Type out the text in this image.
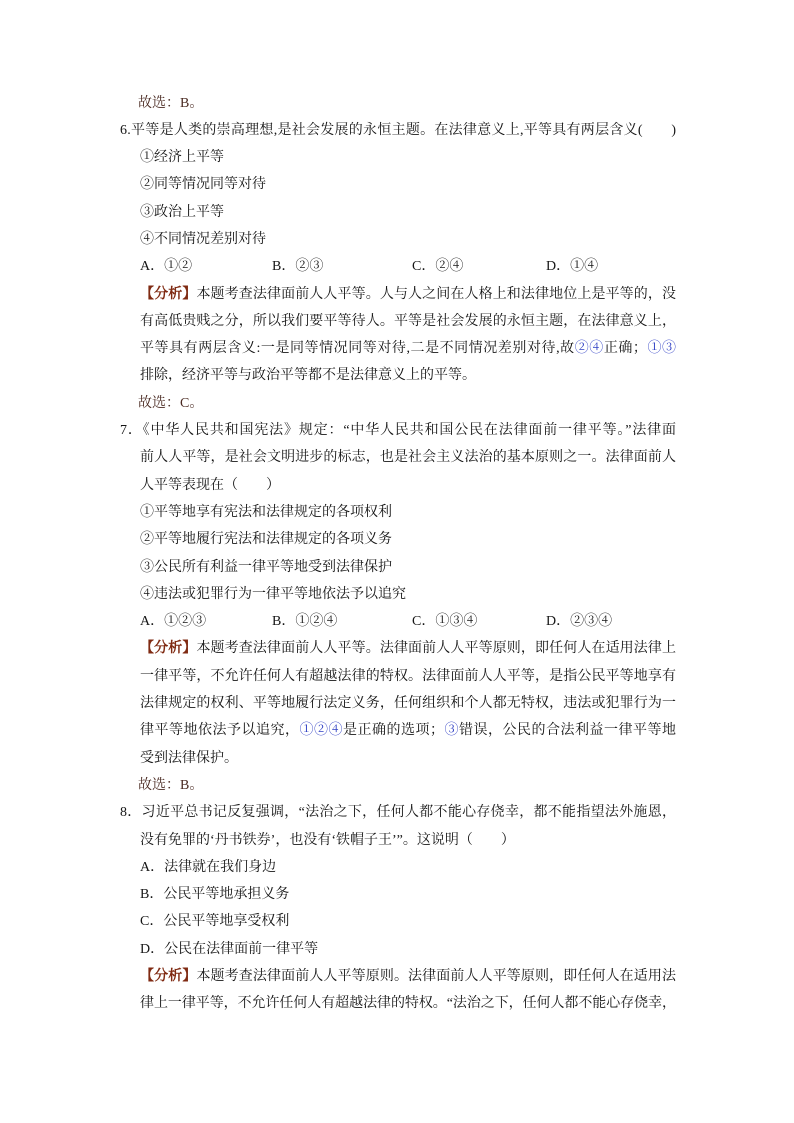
故选：B。
6.平等是人类的崇高理想,是社会发展的永恒主题。在法律意义上,平等具有两层含义(　　)
①经济上平等
②同等情况同等对待
③政治上平等
④不同情况差别对待
A．①②	B．②③	C．②④	D．①④
【分析】本题考查法律面前人人平等。人与人之间在人格上和法律地位上是平等的，没
有高低贵贱之分，所以我们要平等待人。平等是社会发展的永恒主题，在法律意义上，
平等具有两层含义:一是同等情况同等对待,二是不同情况差别对待,故②④正确；①③
排除，经济平等与政治平等都不是法律意义上的平等。
故选：C。
7．《中华人民共和国宪法》规定：“中华人民共和国公民在法律面前一律平等。”法律面
前人人平等，是社会文明进步的标志，也是社会主义法治的基本原则之一。法律面前人
人平等表现在（　　）
①平等地享有宪法和法律规定的各项权利
②平等地履行宪法和法律规定的各项义务
③公民所有利益一律平等地受到法律保护
④违法或犯罪行为一律平等地依法予以追究
A．①②③	B．①②④	C．①③④	D．②③④
【分析】本题考查法律面前人人平等。法律面前人人平等原则，即任何人在适用法律上
一律平等，不允许任何人有超越法律的特权。法律面前人人平等，是指公民平等地享有
法律规定的权利、平等地履行法定义务，任何组织和个人都无特权，违法或犯罪行为一
律平等地依法予以追究，①②④是正确的选项；③错误，公民的合法利益一律平等地
受到法律保护。
故选：B。
8．习近平总书记反复强调，“法治之下，任何人都不能心存侥幸，都不能指望法外施恩，
没有免罪的‘丹书铁券’，也没有‘铁帽子王’”。这说明（　　）
A．法律就在我们身边
B．公民平等地承担义务
C．公民平等地享受权利
D．公民在法律面前一律平等
【分析】本题考查法律面前人人平等原则。法律面前人人平等原则，即任何人在适用法
律上一律平等，不允许任何人有超越法律的特权。“法治之下，任何人都不能心存侥幸，
